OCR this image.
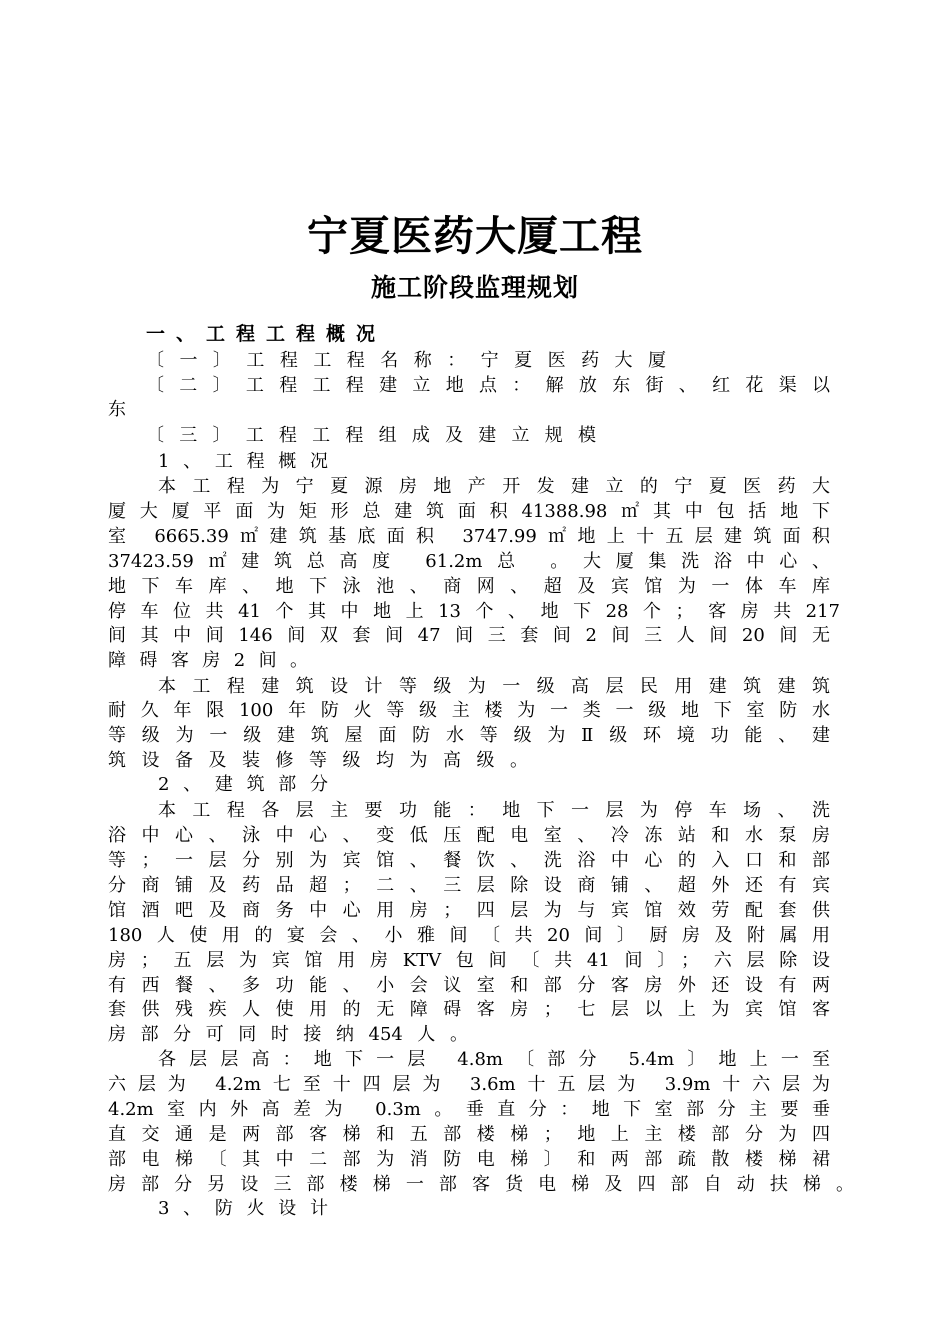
宁夏医药大厦工程
施工阶段监理规划
一、工程工程概况
〔一〕工程工程名称：宁夏医药大厦
〔二〕工程工程建立地点：解放东街、红花渠以
东
〔三〕工程工程组成及建立规模
1、工程概况
本工程为宁夏源房地产开发建立的宁夏医药大
厦大厦平面为矩形总建筑面积41388.98㎡其中包括地下
室 6665.39㎡建筑基底面积 3747.99㎡地上十五层建筑面积
37423.59㎡建筑总高度 61.2m总 。大厦集洗浴中心、
地下车库、地下泳池、商网、超及宾馆为一体车库
停车位共41个其中地上13个、地下28个；客房共217
间其中间146间双套间47间三套间2间三人间20间无
障碍客房2间。
本工程建筑设计等级为一级高层民用建筑建筑
耐久年限100年防火等级主楼为一类一级地下室防水
等级为一级建筑屋面防水等级为Ⅱ级环境功能、建
筑设备及装修等级均为高级。
2、建筑部分
本工程各层主要功能：地下一层为停车场、洗
浴中心、泳中心、变低压配电室、冷冻站和水泵房
等；一层分别为宾馆、餐饮、洗浴中心的入口和部
分商铺及药品超；二、三层除设商铺、超外还有宾
馆酒吧及商务中心用房；四层为与宾馆效劳配套供
180人使用的宴会、小雅间〔共20间〕厨房及附属用
房；五层为宾馆用房KTV包间〔共41间〕；六层除设
有西餐、多功能、小会议室和部分客房外还设有两
套供残疾人使用的无障碍客房；七层以上为宾馆客
房部分可同时接纳454人。
各层层高：地下一层 4.8m〔部分 5.4m〕地上一至
六层为 4.2m七至十四层为 3.6m十五层为 3.9m十六层为
4.2m室内外高差为 0.3m。垂直分：地下室部分主要垂
直交通是两部客梯和五部楼梯；地上主楼部分为四
部电梯〔其中二部为消防电梯〕和两部疏散楼梯裙
房部分另设三部楼梯一部客货电梯及四部自动扶梯。
3、防火设计
